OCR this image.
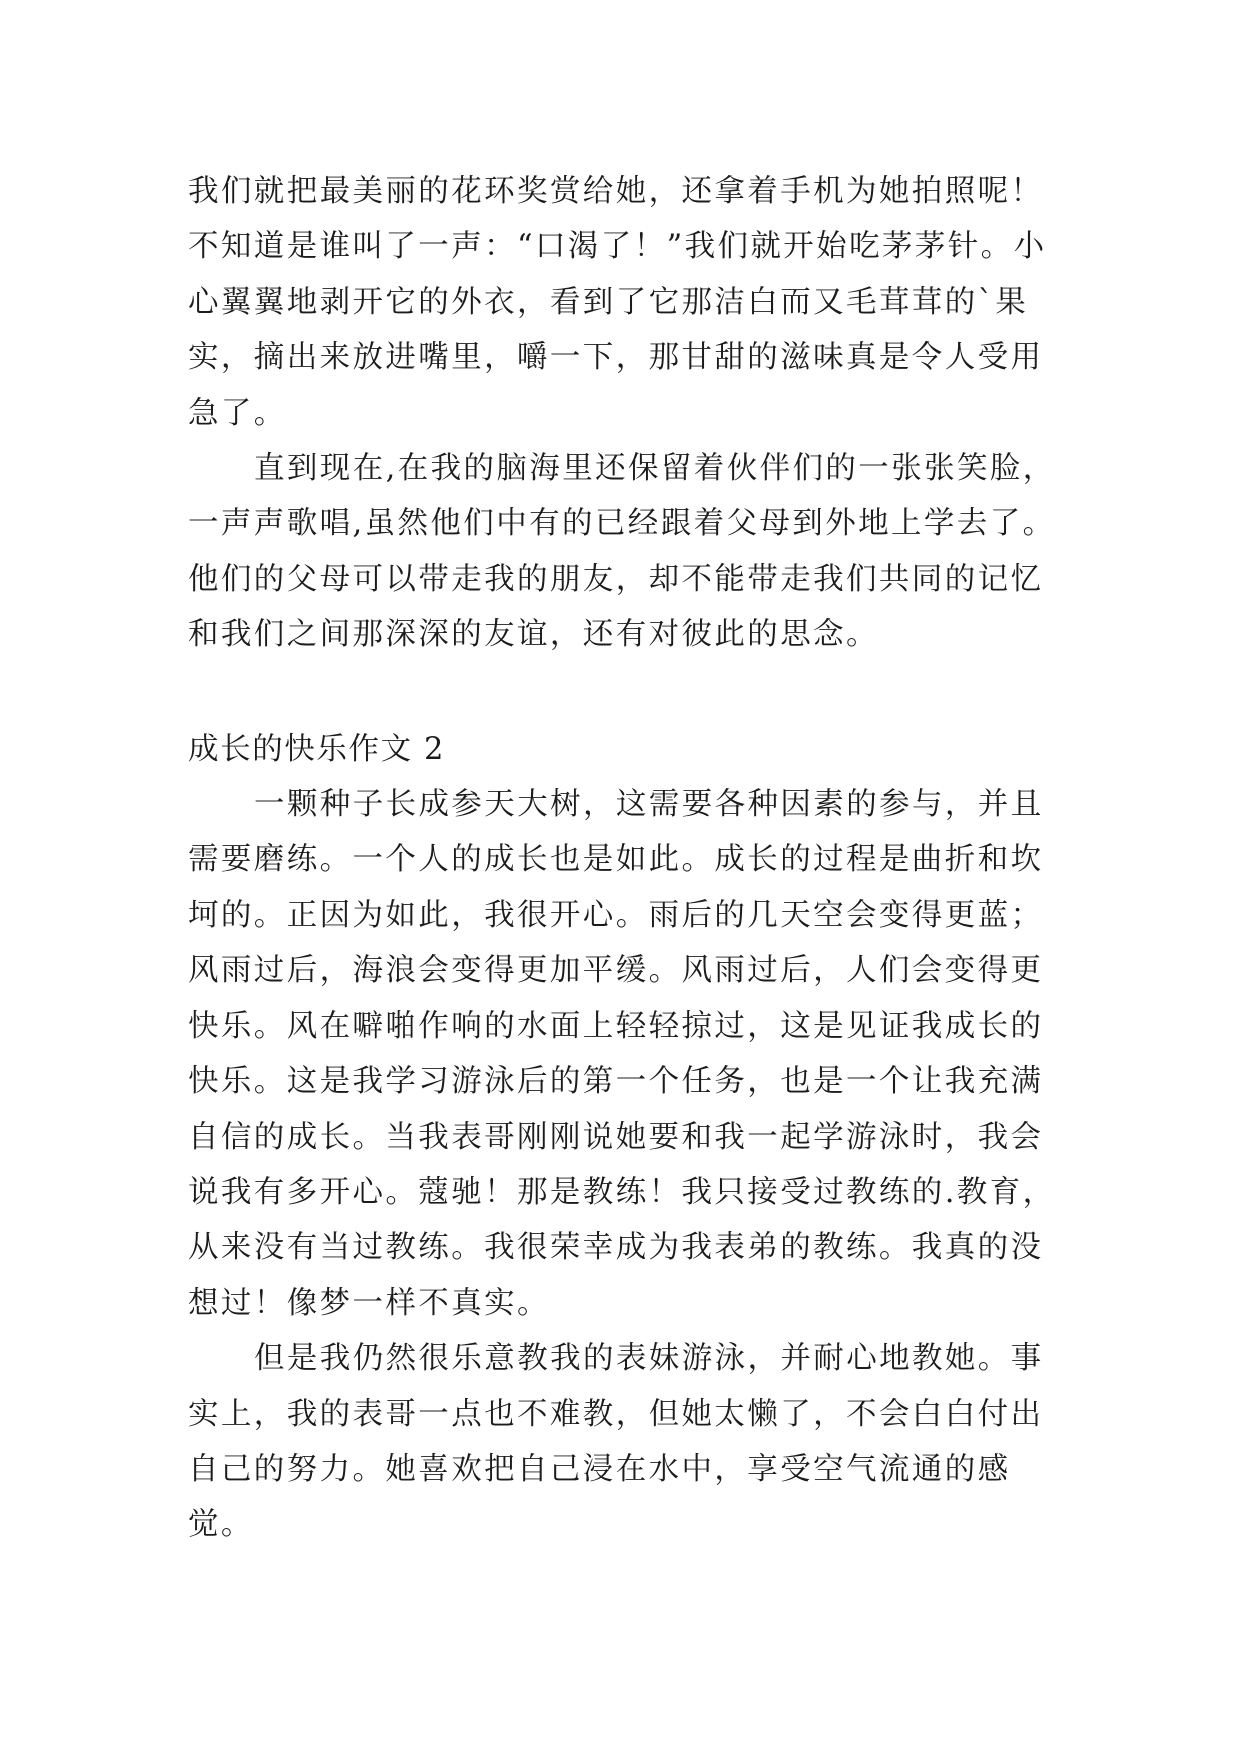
我们就把最美丽的花环奖赏给她，还拿着手机为她拍照呢！不知道是谁叫了一声：“口渴了！”我们就开始吃茅茅针。小心翼翼地剥开它的外衣，看到了它那洁白而又毛茸茸的`果实，摘出来放进嘴里，嚼一下，那甘甜的滋味真是令人受用急了。

直到现在,在我的脑海里还保留着伙伴们的一张张笑脸，一声声歌唱,虽然他们中有的已经跟着父母到外地上学去了。他们的父母可以带走我的朋友，却不能带走我们共同的记忆和我们之间那深深的友谊，还有对彼此的思念。

成长的快乐作文 2

一颗种子长成参天大树，这需要各种因素的参与，并且需要磨练。一个人的成长也是如此。成长的过程是曲折和坎坷的。正因为如此，我很开心。雨后的几天空会变得更蓝；风雨过后，海浪会变得更加平缓。风雨过后，人们会变得更快乐。风在噼啪作响的水面上轻轻掠过，这是见证我成长的快乐。这是我学习游泳后的第一个任务，也是一个让我充满自信的成长。当我表哥刚刚说她要和我一起学游泳时，我会说我有多开心。蔻驰！那是教练！我只接受过教练的.教育，从来没有当过教练。我很荣幸成为我表弟的教练。我真的没想过！像梦一样不真实。

但是我仍然很乐意教我的表妹游泳，并耐心地教她。事实上，我的表哥一点也不难教，但她太懒了，不会白白付出自己的努力。她喜欢把自己浸在水中，享受空气流通的感觉。
